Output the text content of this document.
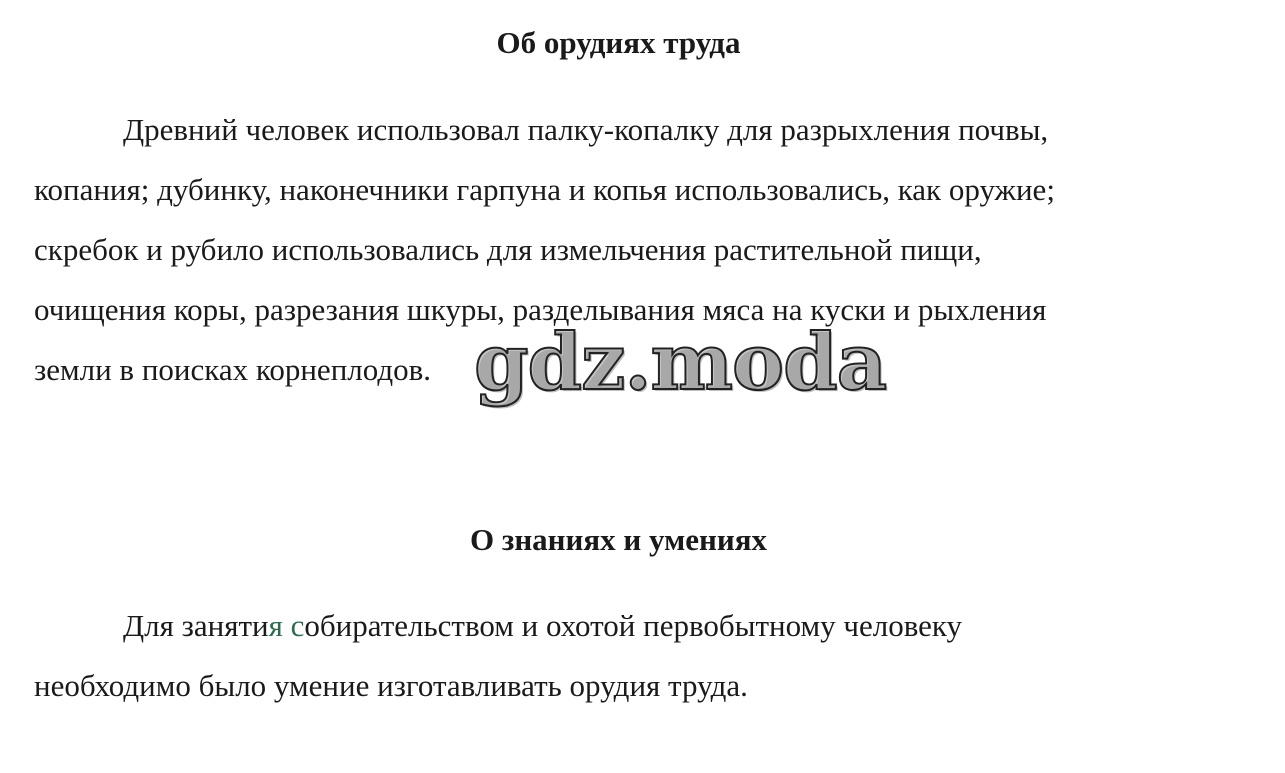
Об орудиях труда

Древний человек использовал палку-копалку для разрыхления почвы,
копания; дубинку, наконечники гарпуна и копья использовались, как оружие;
скребок и рубило использовались для измельчения растительной пищи,
очищения коры, разрезания шкуры, разделывания мяса на куски и рыхления
земли в поисках корнеплодов.

О знаниях и умениях

Для занятия собирательством и охотой первобытному человеку
необходимо было умение изготавливать орудия труда.

gdz.moda
